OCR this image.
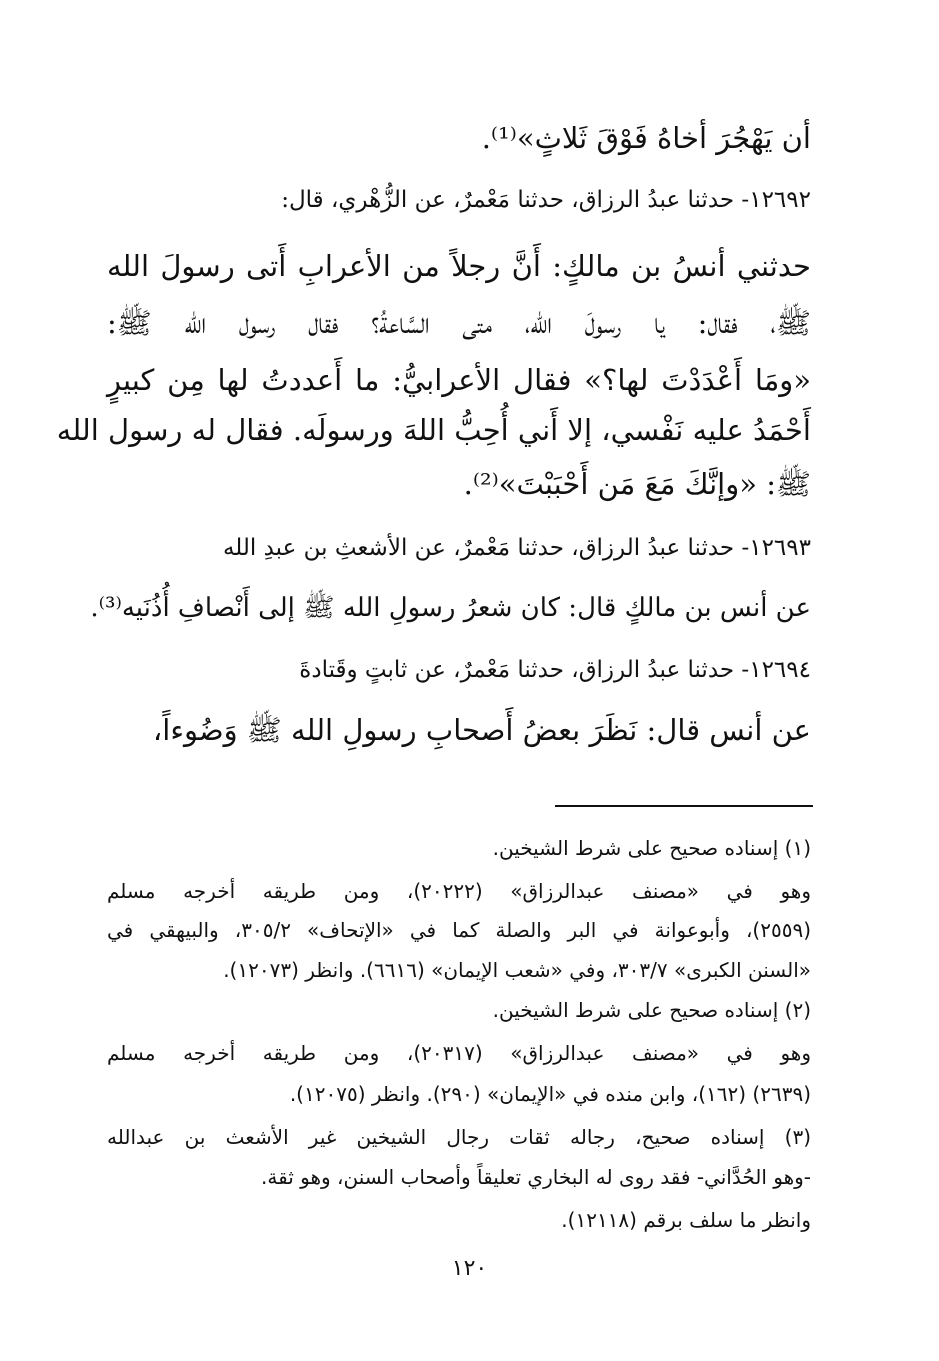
أن يَهْجُرَ أخاهُ فَوْقَ ثَلاثٍ»⁽¹⁾.
١٢٦٩٢- حدثنا عبدُ الرزاق، حدثنا مَعْمرٌ، عن الزُّهْري، قال:
حدثني أنسُ بن مالكٍ: أَنَّ رجلاً من الأعرابِ أَتى رسولَ الله
ﷺ، فقال: يا رسولَ الله، متى السَّاعةُ؟ فقال رسول الله ﷺ:
«ومَا أَعْدَدْتَ لها؟» فقال الأعرابيُّ: ما أَعددتُ لها مِن كبيرٍ
أَحْمَدُ عليه نَفْسي، إلا أَني أُحِبُّ اللهَ ورسولَه. فقال له رسول الله
ﷺ: «وإنَّكَ مَعَ مَن أَحْبَبْتَ»⁽²⁾.
١٢٦٩٣- حدثنا عبدُ الرزاق، حدثنا مَعْمرٌ، عن الأشعثِ بن عبدِ الله
عن أنس بن مالكٍ قال: كان شعرُ رسولِ الله ﷺ إلى أَنْصافِ أُذُنَيه⁽³⁾.
١٢٦٩٤- حدثنا عبدُ الرزاق، حدثنا مَعْمرٌ، عن ثابتٍ وقَتادةَ
عن أنس قال: نَظَرَ بعضُ أَصحابِ رسولِ الله ﷺ وَضُوءاً،
(١) إسناده صحيح على شرط الشيخين.
وهو في «مصنف عبدالرزاق» (٢٠٢٢٢)، ومن طريقه أخرجه مسلم
(٢٥٥٩)، وأبوعوانة في البر والصلة كما في «الإتحاف» ٣٠٥/٢، والبيهقي في
«السنن الكبرى» ٣٠٣/٧، وفي «شعب الإيمان» (٦٦١٦). وانظر (١٢٠٧٣).
(٢) إسناده صحيح على شرط الشيخين.
وهو في «مصنف عبدالرزاق» (٢٠٣١٧)، ومن طريقه أخرجه مسلم
(٢٦٣٩) (١٦٢)، وابن منده في «الإيمان» (٢٩٠). وانظر (١٢٠٧٥).
(٣) إسناده صحيح، رجاله ثقات رجال الشيخين غير الأشعث بن عبدالله
-وهو الحُدَّاني- فقد روى له البخاري تعليقاً وأصحاب السنن، وهو ثقة.
وانظر ما سلف برقم (١٢١١٨).
١٢٠
